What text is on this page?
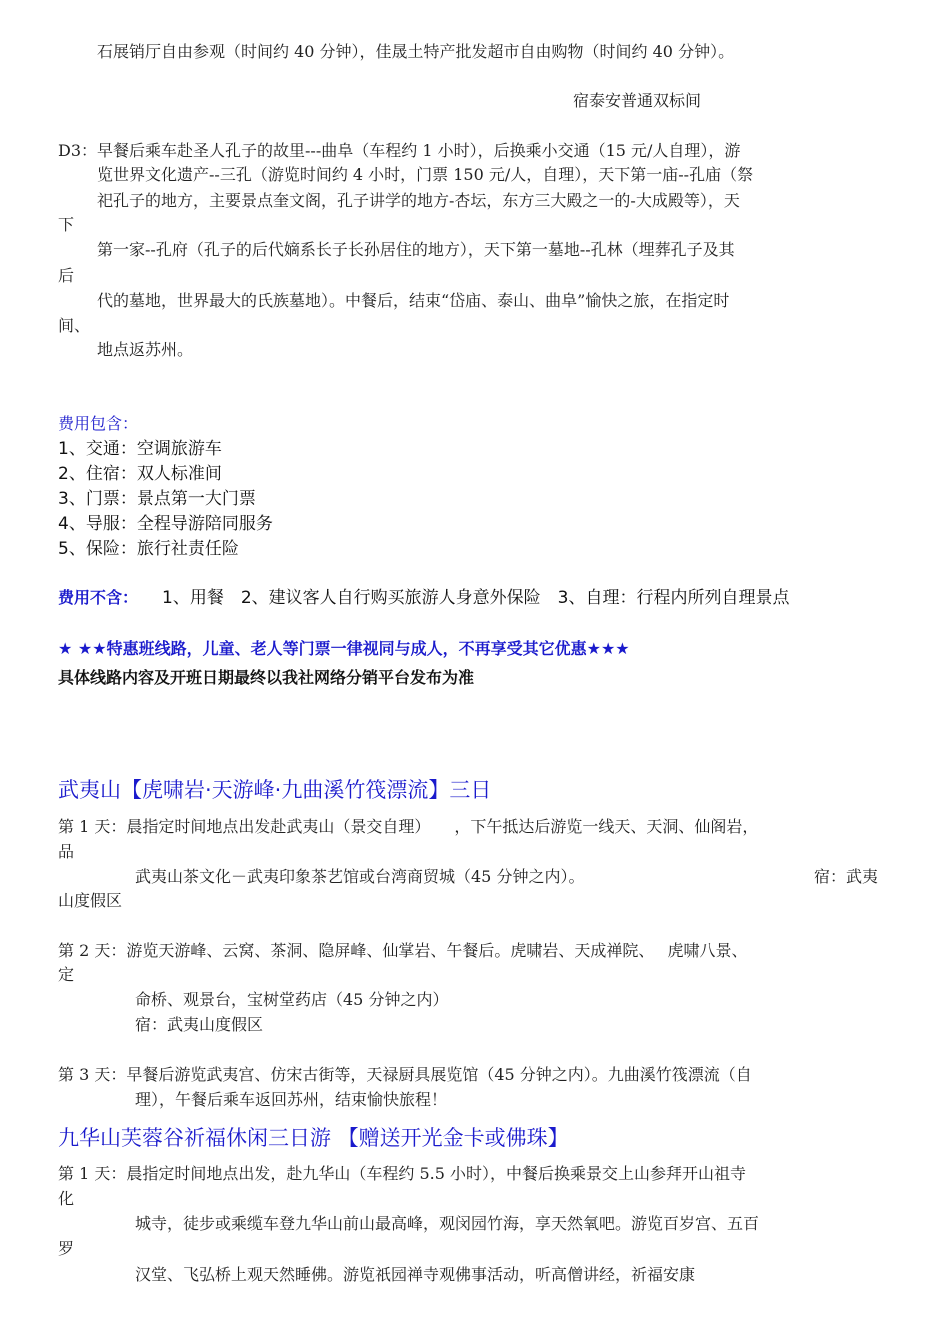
石展销厅自由参观（时间约 40 分钟），佳晟土特产批发超市自由购物（时间约 40 分钟）。
宿泰安普通双标间
D3：早餐后乘车赴圣人孔子的故里---曲阜（车程约 1 小时），后换乘小交通（15 元/人自理），游
览世界文化遗产--三孔（游览时间约 4 小时，门票 150 元/人，自理），天下第一庙--孔庙（祭
祀孔子的地方，主要景点奎文阁，孔子讲学的地方-杏坛，东方三大殿之一的-大成殿等），天
下
第一家--孔府（孔子的后代嫡系长子长孙居住的地方），天下第一墓地--孔林（埋葬孔子及其
后
代的墓地，世界最大的氏族墓地）。中餐后，结束“岱庙、泰山、曲阜”愉快之旅，在指定时
间、
地点返苏州。
费用包含：
1、交通：空调旅游车
2、住宿：双人标准间
3、门票：景点第一大门票
4、导服：全程导游陪同服务
5、保险：旅行社责任险
费用不含： 1、用餐　2、建议客人自行购买旅游人身意外保险　3、自理：行程内所列自理景点
★ ★★特惠班线路，儿童、老人等门票一律视同与成人，不再享受其它优惠★★★
具体线路内容及开班日期最终以我社网络分销平台发布为准
武夷山【虎啸岩·天游峰·九曲溪竹筏漂流】三日
第 1 天：晨指定时间地点出发赴武夷山（景交自理）　　，下午抵达后游览一线天、天洞、仙阁岩，
品
武夷山茶文化－武夷印象茶艺馆或台湾商贸城（45 分钟之内）。	宿：武夷
山度假区
第 2 天：游览天游峰、云窝、茶洞、隐屏峰、仙掌岩、午餐后。虎啸岩、天成禅院、　 虎啸八景、
定
命桥、观景台，宝树堂药店（45 分钟之内）
宿：武夷山度假区
第 3 天：早餐后游览武夷宫、仿宋古街等，天禄厨具展览馆（45 分钟之内）。九曲溪竹筏漂流（自
理），午餐后乘车返回苏州，结束愉快旅程！
九华山芙蓉谷祈福休闲三日游 【赠送开光金卡或佛珠】
第 1 天：晨指定时间地点出发，赴九华山（车程约 5.5 小时），中餐后换乘景交上山参拜开山祖寺
化
城寺，徒步或乘缆车登九华山前山最高峰，观闵园竹海，享天然氧吧。游览百岁宫、五百
罗
汉堂、飞弘桥上观天然睡佛。游览祇园禅寺观佛事活动，听高僧讲经，祈福安康
